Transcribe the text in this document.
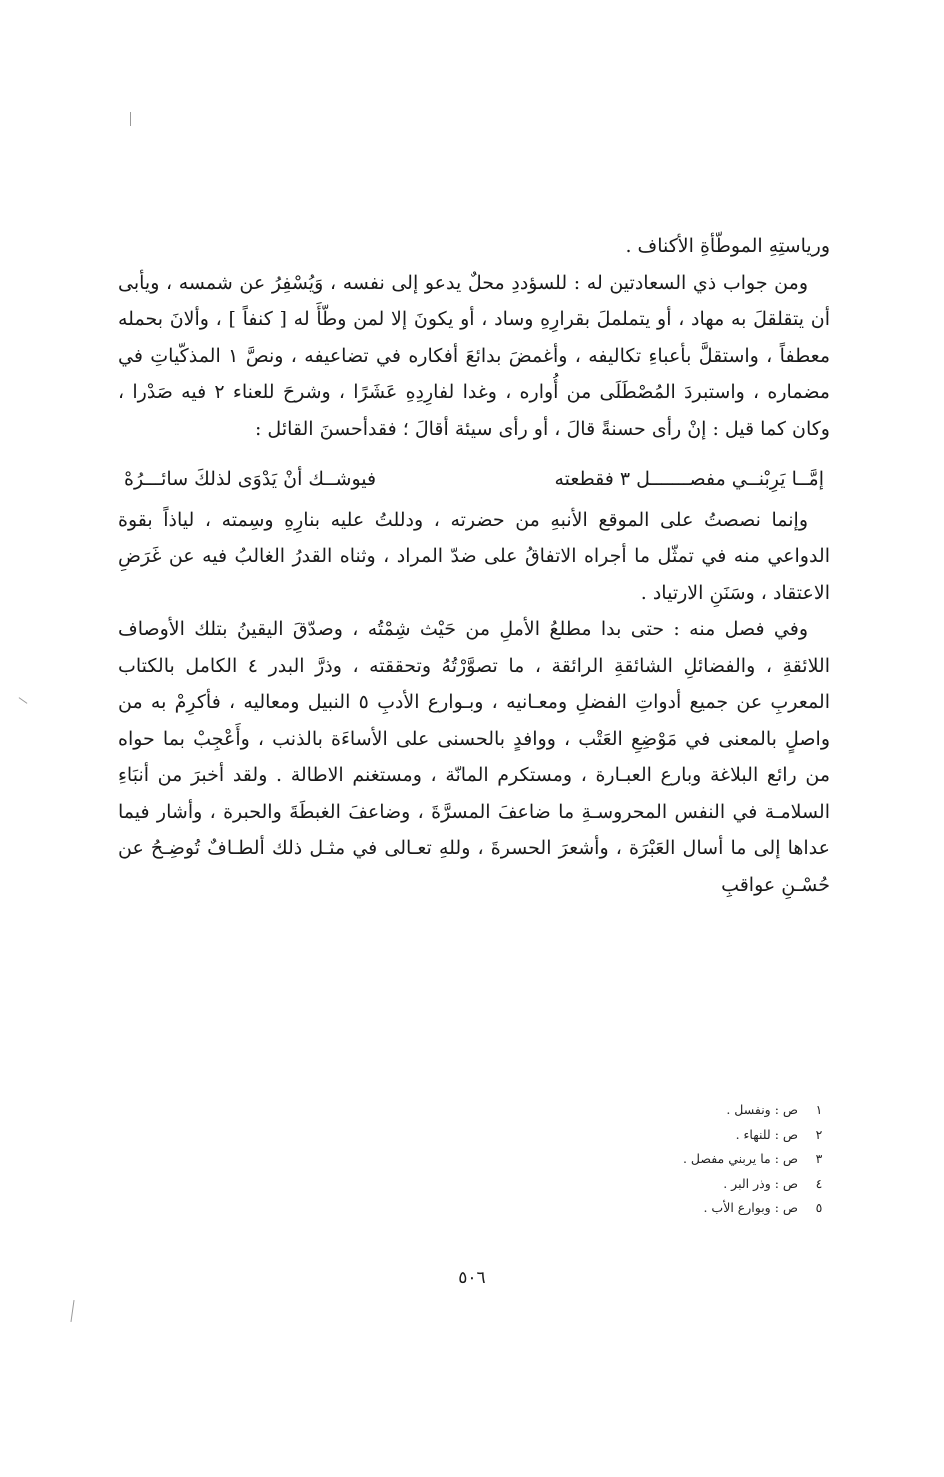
ورياستِهِ الموطّأةِ الأكناف .

ومن جواب ذي السعادتين له : للسؤددِ محلٌ يدعو إلى نفسه ، وَيُسْفِرُ عن شمسه ، ويأبى أن يتقلقلَ به مهاد ، أو يتململَ بقرارِهِ وساد ، أو يكونَ إلا لمن وطّأَ له [ كنفاً ] ، وألانَ بحمله معطفاً ، واستقلَّ بأعباءِ تكاليفه ، وأغمضَ بدائعَ أفكاره في تضاعيفه ، ونصَّ ١ المذكّياتِ في مضماره ، واستبردَ المُصْطَلَى من أُواره ، وغدا لفارِدِهِ عَشَرًا ، وشرحَ للعناء ٢ فيه صَدْرا ، وكان كما قيل : إنْ رأى حسنةً قالَ ، أو رأى سيئة أقالَ ؛ فقدأحسنَ القائل :

إمَّــا يَرِبْنــي مفصـــــــل ٣ فقطعته
فيوشــك أنْ يَدْوَى لذلكَ سائـــرُهْ

وإنما نصصتُ على الموقع الأنبهِ من حضرته ، ودللتُ عليه بنارِهِ وسِمته ، لياذاً بقوة الدواعي منه في تمثّل ما أجراه الاتفاقُ على ضدّ المراد ، وثناه القدرُ الغالبُ فيه عن غَرَضِ الاعتقاد ، وسَنَنِ الارتياد .

وفي فصل منه : حتى بدا مطلعُ الأملِ من حَيْث شِمْتُه ، وصدّقَ اليقينُ بتلك الأوصاف اللائقةِ ، والفضائلِ الشائقةِ الرائقة ، ما تصوَّرْتُهُ وتحققته ، وذرَّ البدر ٤ الكامل بالكتاب المعربِ عن جميع أدواتِ الفضلِ ومعـانيه ، وبـوارع الأدبِ ٥ النبيل ومعاليه ، فأكرِمْ به من واصلٍ بالمعنى في مَوْضِعِ العَتْب ، ووافدٍ بالحسنى على الأساءَة بالذنب ، وأَعْجِبْ بما حواه من رائع البلاغة وبارع العبـارة ، ومستكرم المانّة ، ومستغنم الاطالة . ولقد أخبرَ من أنبَاءِ السلامـة في النفس المحروسـةِ ما ضاعفَ المسرَّةَ ، وضاعفَ الغبطَةَ والحبرة ، وأشار فيما عداها إلى ما أسال العَبْرَة ، وأشعرَ الحسرةَ ، وللهِ تعـالى في مثـل ذلك ألطـافٌ تُوضِـحُ عن حُسْـنِ عواقبِ

١
ص : ونفسل .
٢
ص : للنهاء .
٣
ص : ما يربني مفصل .
٤
ص : وذر البر .
٥
ص : وبوارع الأب .
٥٠٦
